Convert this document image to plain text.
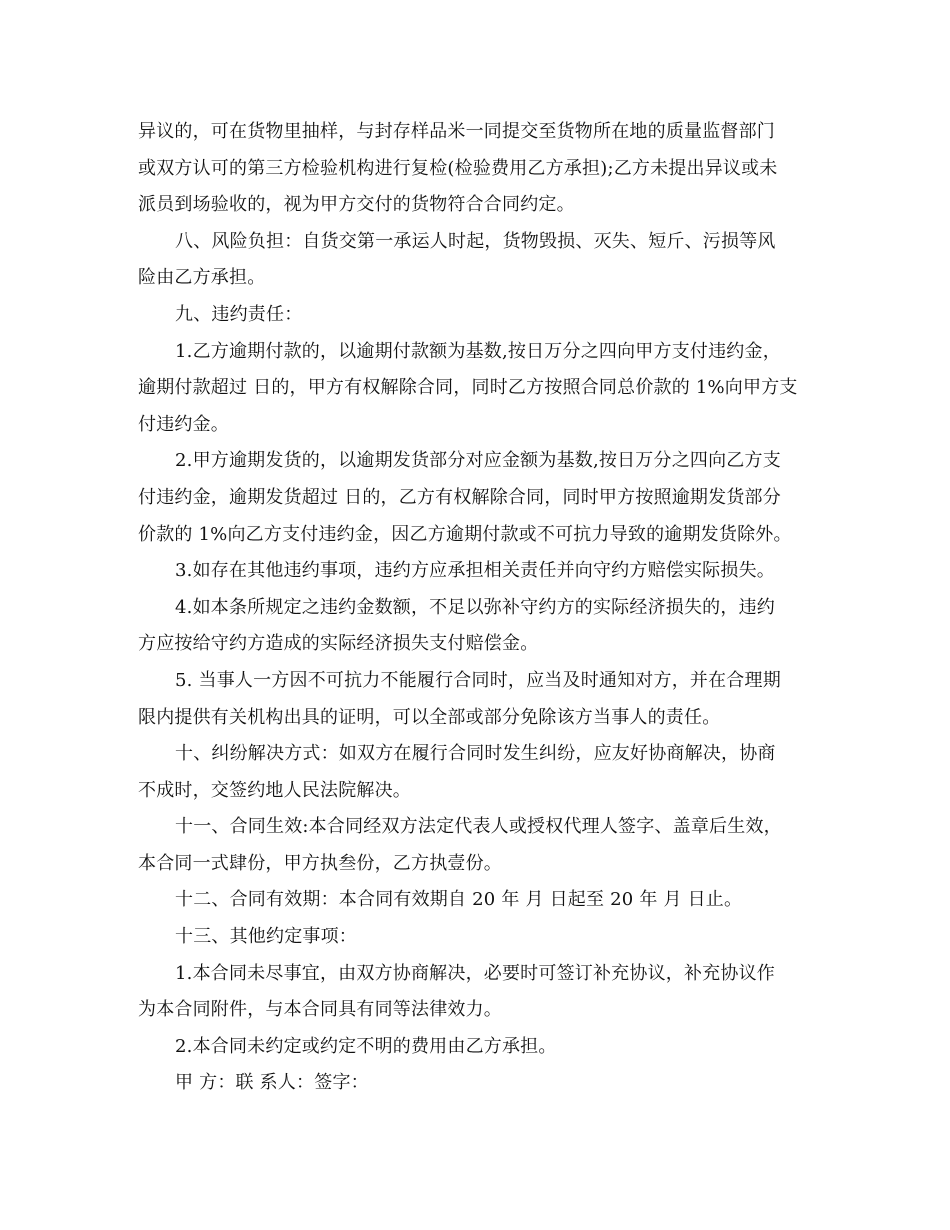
异议的，可在货物里抽样，与封存样品米一同提交至货物所在地的质量监督部门
或双方认可的第三方检验机构进行复检(检验费用乙方承担);乙方未提出异议或未
派员到场验收的，视为甲方交付的货物符合合同约定。
八、风险负担：自货交第一承运人时起，货物毁损、灭失、短斤、污损等风
险由乙方承担。
九、违约责任：
1.乙方逾期付款的，以逾期付款额为基数,按日万分之四向甲方支付违约金，
逾期付款超过 日的，甲方有权解除合同，同时乙方按照合同总价款的 1%向甲方支
付违约金。
2.甲方逾期发货的，以逾期发货部分对应金额为基数,按日万分之四向乙方支
付违约金，逾期发货超过 日的，乙方有权解除合同，同时甲方按照逾期发货部分
价款的 1%向乙方支付违约金，因乙方逾期付款或不可抗力导致的逾期发货除外。
3.如存在其他违约事项，违约方应承担相关责任并向守约方赔偿实际损失。
4.如本条所规定之违约金数额，不足以弥补守约方的实际经济损失的，违约
方应按给守约方造成的实际经济损失支付赔偿金。
5. 当事人一方因不可抗力不能履行合同时，应当及时通知对方，并在合理期
限内提供有关机构出具的证明，可以全部或部分免除该方当事人的责任。
十、纠纷解决方式：如双方在履行合同时发生纠纷，应友好协商解决，协商
不成时，交签约地人民法院解决。
十一、合同生效:本合同经双方法定代表人或授权代理人签字、盖章后生效，
本合同一式肆份，甲方执叁份，乙方执壹份。
十二、合同有效期：本合同有效期自 20 年 月 日起至 20 年 月 日止。
十三、其他约定事项：
1.本合同未尽事宜，由双方协商解决，必要时可签订补充协议，补充协议作
为本合同附件，与本合同具有同等法律效力。
2.本合同未约定或约定不明的费用由乙方承担。
甲 方：联 系人：签字：
